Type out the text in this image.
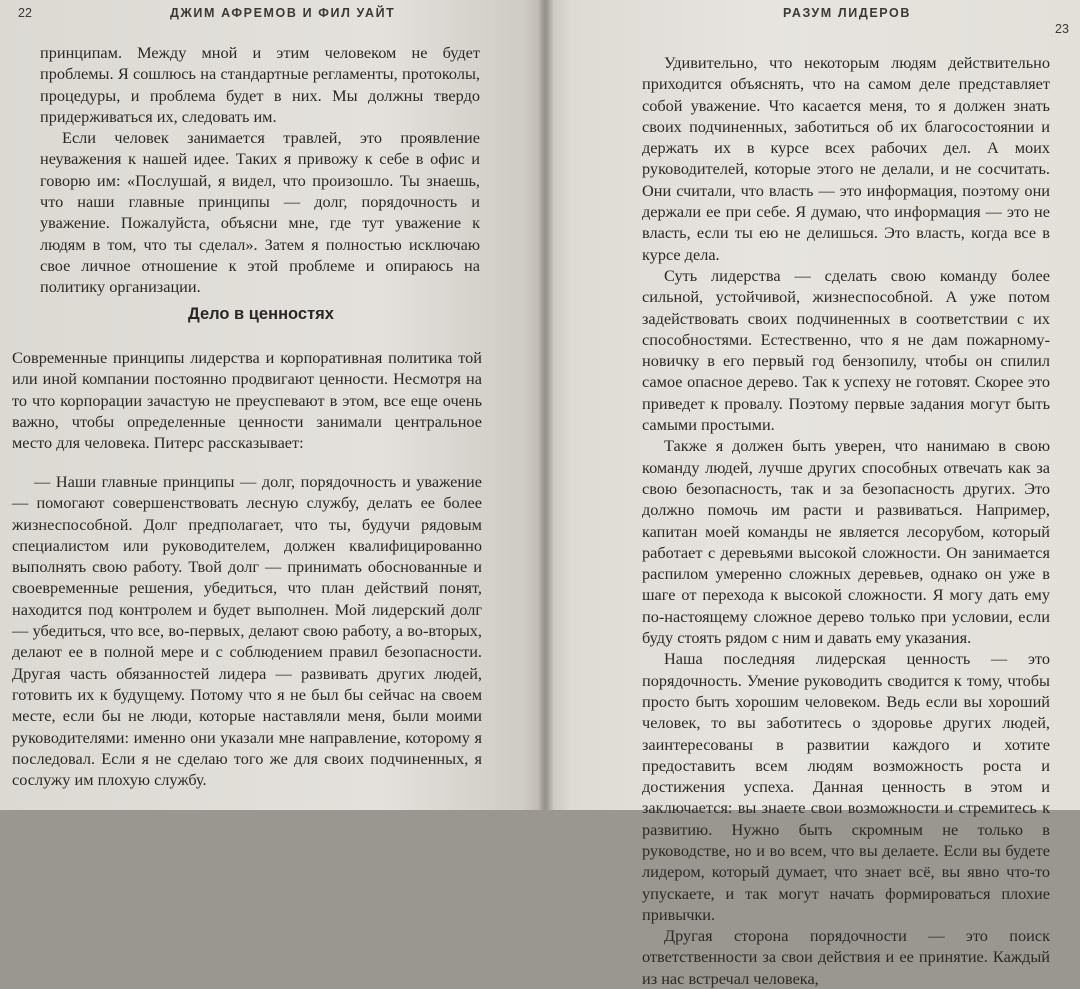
22	ДЖИМ АФРЕМОВ И ФИЛ УАЙТ

принципам. Между мной и этим человеком не будет проблемы. Я сошлюсь на стандартные регламенты, протоколы, процедуры, и проблема будет в них. Мы должны твердо придерживаться их, следовать им.

Если человек занимается травлей, это проявление неуважения к нашей идее. Таких я привожу к себе в офис и говорю им: «Послушай, я видел, что произошло. Ты знаешь, что наши главные принципы — долг, порядочность и уважение. Пожалуйста, объясни мне, где тут уважение к людям в том, что ты сделал». Затем я полностью исключаю свое личное отношение к этой проблеме и опираюсь на политику организации.

Дело в ценностях

Современные принципы лидерства и корпоративная политика той или иной компании постоянно продвигают ценности. Несмотря на то что корпорации зачастую не преуспевают в этом, все еще очень важно, чтобы определенные ценности занимали центральное место для человека. Питерс рассказывает:

— Наши главные принципы — долг, порядочность и уважение — помогают совершенствовать лесную службу, делать ее более жизнеспособной. Долг предполагает, что ты, будучи рядовым специалистом или руководителем, должен квалифицированно выполнять свою работу. Твой долг — принимать обоснованные и своевременные решения, убедиться, что план действий понят, находится под контролем и будет выполнен. Мой лидерский долг — убедиться, что все, во-первых, делают свою работу, а во-вторых, делают ее в полной мере и с соблюдением правил безопасности. Другая часть обязанностей лидера — развивать других людей, готовить их к будущему. Потому что я не был бы сейчас на своем месте, если бы не люди, которые наставляли меня, были моими руководителями: именно они указали мне направление, которому я последовал. Если я не сделаю того же для своих подчиненных, я сослужу им плохую службу.

РАЗУМ ЛИДЕРОВ
23

Удивительно, что некоторым людям действительно приходится объяснять, что на самом деле представляет собой уважение. Что касается меня, то я должен знать своих подчиненных, заботиться об их благосостоянии и держать их в курсе всех рабочих дел. А моих руководителей, которые этого не делали, и не сосчитать. Они считали, что власть — это информация, поэтому они держали ее при себе. Я думаю, что информация — это не власть, если ты ею не делишься. Это власть, когда все в курсе дела.

Суть лидерства — сделать свою команду более сильной, устойчивой, жизнеспособной. А уже потом задействовать своих подчиненных в соответствии с их способностями. Естественно, что я не дам пожарному-новичку в его первый год бензопилу, чтобы он спилил самое опасное дерево. Так к успеху не готовят. Скорее это приведет к провалу. Поэтому первые задания могут быть самыми простыми.

Также я должен быть уверен, что нанимаю в свою команду людей, лучше других способных отвечать как за свою безопасность, так и за безопасность других. Это должно помочь им расти и развиваться. Например, капитан моей команды не является лесорубом, который работает с деревьями высокой сложности. Он занимается распилом умеренно сложных деревьев, однако он уже в шаге от перехода к высокой сложности. Я могу дать ему по-настоящему сложное дерево только при условии, если буду стоять рядом с ним и давать ему указания.

Наша последняя лидерская ценность — это порядочность. Умение руководить сводится к тому, чтобы просто быть хорошим человеком. Ведь если вы хороший человек, то вы заботитесь о здоровье других людей, заинтересованы в развитии каждого и хотите предоставить всем людям возможность роста и достижения успеха. Данная ценность в этом и заключается: вы знаете свои возможности и стремитесь к развитию. Нужно быть скромным не только в руководстве, но и во всем, что вы делаете. Если вы будете лидером, который думает, что знает всё, вы явно что-то упускаете, и так могут начать формироваться плохие привычки.

Другая сторона порядочности — это поиск ответственности за свои действия и ее принятие. Каждый из нас встречал человека,
